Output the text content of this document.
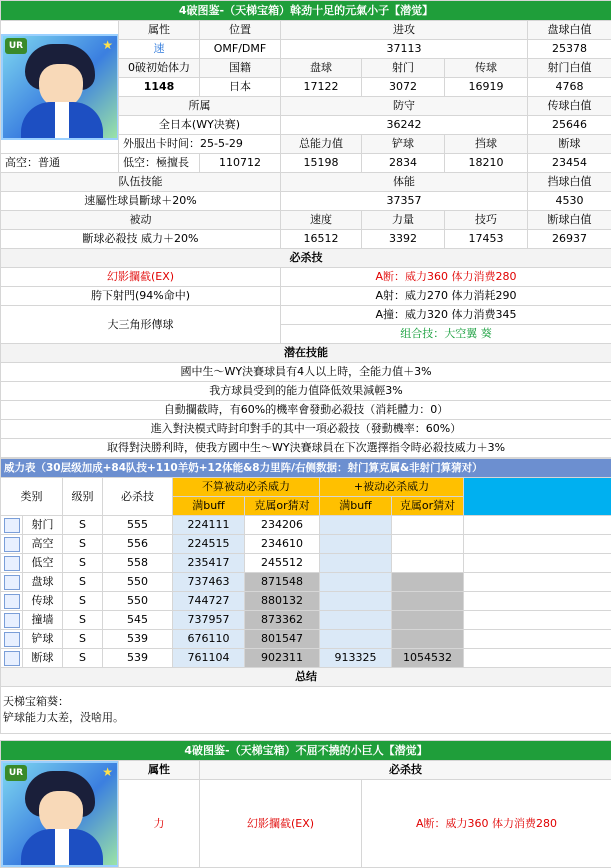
4破图鉴-（天梯宝箱）斡劲十足的元氣小子【潜觉】							

UR ★	属性	位置	进攻			盘球白值	
	速	OMF/DMF	37113			25378	
	0破初始体力	国籍	盘球	射门	传球	射门白值	
	1148	日本	17122	3072	16919	4768	
	所属		防守			传球白值	
	全日本(WY决赛)		36242			25646	
	外服出卡时间：25-5-29		总能力值	铲球	挡球	断球	
高空：普通	低空：極擅長	110712	15198	2834	18210	23454	
队伍技能			体能			挡球白值	
速屬性球員斷球＋20%			37357			4530	
被动			速度	力量	技巧	断球白值	
斷球必殺技 威力＋20%			16512	3392	17453	26937	
必杀技							
幻影攔截(EX)			A断：威力360 体力消费280				
胯下射門(94%命中)			A射：威力270 体力消耗290				
大三角形傳球			A撞：威力320 体力消费345				
			组合技：大空翼 葵				
潜在技能							
國中生～WY決賽球員有4人以上時，全能力值＋3%							
我方球員受到的能力值降低效果減輕3%							
自動攔截時，有60%的機率會發動必殺技（消耗體力：0）							
進入對決模式時封印對手的其中一項必殺技（發動機率：60%）							
取得對決勝利時，使我方國中生～WY決賽球員在下次選擇指令時必殺技威力＋3%							
威力表（30层级加成+84队技+110羊奶+12体能&8力里阵/右侧数据：射门算克属&非射门算猜对）								
类别		级别	必杀技	不算被动必杀威力		+被动必杀威力		
				满buff	克属or猜对	满buff	克属or猜对	
	射门	S	555	224111	234206			
	高空	S	556	224515	234610			
	低空	S	558	235417	245512			
	盘球	S	550	737463	871548			
	传球	S	550	744727	880132			
	撞墙	S	545	737957	873362			
	铲球	S	539	676110	801547			
	断球	S	539	761104	902311	913325	1054532	
总结								

天梯宝箱葵：
铲球能力太差，没啥用。								
4破图鉴-（天梯宝箱）不屈不撓的小巨人【潜觉】			

UR ★	属性	必杀技	
	力	幻影攔截(EX)	A断：威力360 体力消费280
